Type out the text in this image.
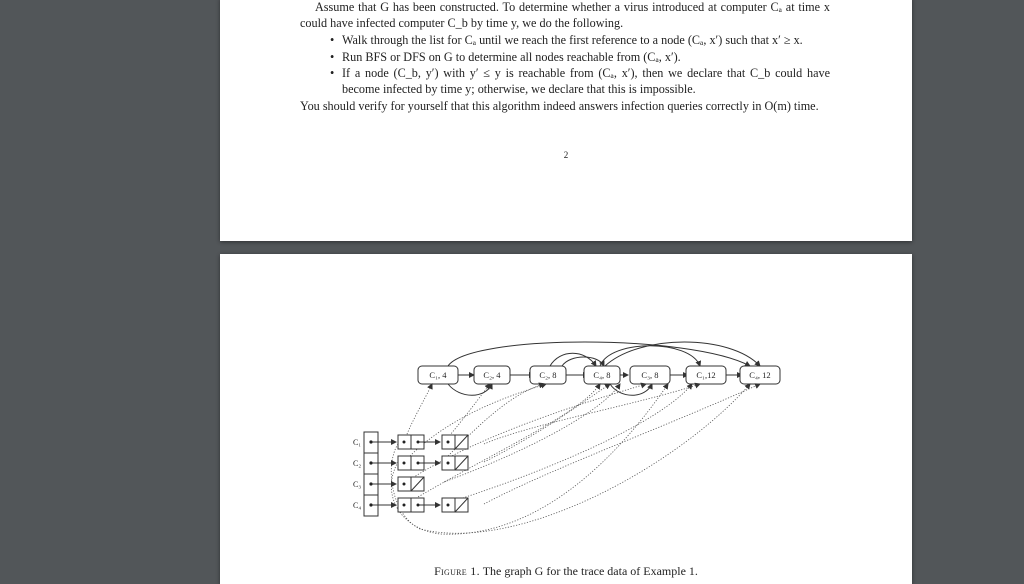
Assume that G has been constructed. To determine whether a virus introduced at computer Cₐ at time x could have infected computer C_b by time y, we do the following.

• Walk through the list for Cₐ until we reach the first reference to a node (Cₐ, x′) such that x′ ≥ x.
• Run BFS or DFS on G to determine all nodes reachable from (Cₐ, x′).
• If a node (C_b, y′) with y′ ≤ y is reachable from (Cₐ, x′), then we declare that C_b could have become infected by time y; otherwise, we declare that this is impossible.

You should verify for yourself that this algorithm indeed answers infection queries correctly in O(m) time.

2
C₁, 4	C₂, 4	C₂, 8	C₄, 8	C₃, 8	C₁,12	C₄, 12
C₁
C₂
C₃
C₄
Figure 1. The graph G for the trace data of Example 1.
